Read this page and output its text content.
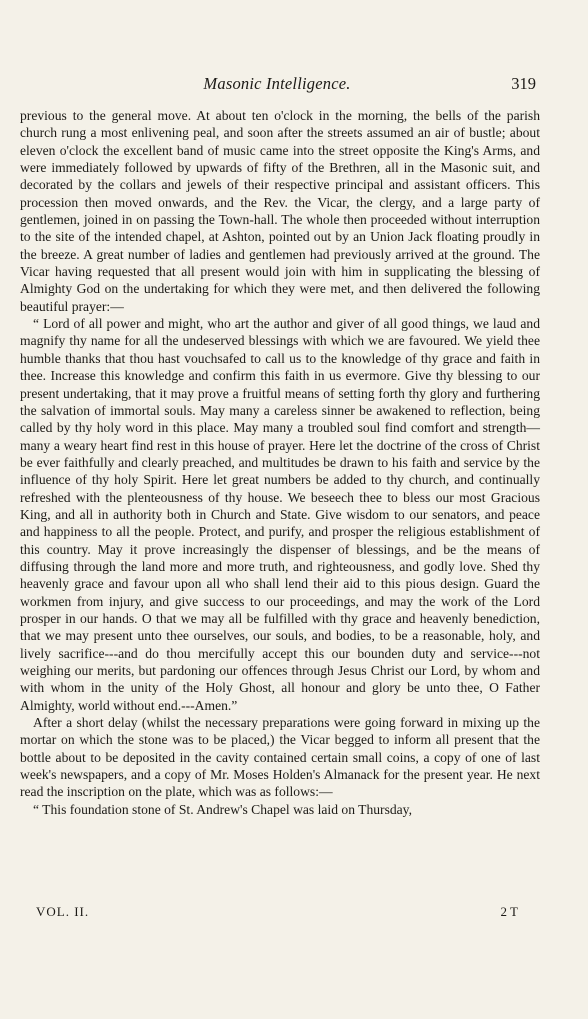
Masonic Intelligence.	319

previous to the general move. At about ten o'clock in the morning, the bells of the parish church rung a most enlivening peal, and soon after the streets assumed an air of bustle; about eleven o'clock the excellent band of music came into the street opposite the King's Arms, and were immediately followed by upwards of fifty of the Brethren, all in the Masonic suit, and decorated by the collars and jewels of their respective principal and assistant officers. This procession then moved onwards, and the Rev. the Vicar, the clergy, and a large party of gentlemen, joined in on passing the Town-hall. The whole then proceeded without interruption to the site of the intended chapel, at Ashton, pointed out by an Union Jack floating proudly in the breeze. A great number of ladies and gentlemen had previously arrived at the ground. The Vicar having requested that all present would join with him in supplicating the blessing of Almighty God on the undertaking for which they were met, and then delivered the following beautiful prayer:—

“ Lord of all power and might, who art the author and giver of all good things, we laud and magnify thy name for all the undeserved blessings with which we are favoured. We yield thee humble thanks that thou hast vouchsafed to call us to the knowledge of thy grace and faith in thee. Increase this knowledge and confirm this faith in us evermore. Give thy blessing to our present undertaking, that it may prove a fruitful means of setting forth thy glory and furthering the salvation of immortal souls. May many a careless sinner be awakened to reflection, being called by thy holy word in this place. May many a troubled soul find comfort and strength—many a weary heart find rest in this house of prayer. Here let the doctrine of the cross of Christ be ever faithfully and clearly preached, and multitudes be drawn to his faith and service by the influence of thy holy Spirit. Here let great numbers be added to thy church, and continually refreshed with the plenteousness of thy house. We beseech thee to bless our most Gracious King, and all in authority both in Church and State. Give wisdom to our senators, and peace and happiness to all the people. Protect, and purify, and prosper the religious establishment of this country. May it prove increasingly the dispenser of blessings, and be the means of diffusing through the land more and more truth, and righteousness, and godly love. Shed thy heavenly grace and favour upon all who shall lend their aid to this pious design. Guard the workmen from injury, and give success to our proceedings, and may the work of the Lord prosper in our hands. O that we may all be fulfilled with thy grace and heavenly benediction, that we may present unto thee ourselves, our souls, and bodies, to be a reasonable, holy, and lively sacrifice---and do thou mercifully accept this our bounden duty and service---not weighing our merits, but pardoning our offences through Jesus Christ our Lord, by whom and with whom in the unity of the Holy Ghost, all honour and glory be unto thee, O Father Almighty, world without end.---Amen.”

After a short delay (whilst the necessary preparations were going forward in mixing up the mortar on which the stone was to be placed,) the Vicar begged to inform all present that the bottle about to be deposited in the cavity contained certain small coins, a copy of one of last week's newspapers, and a copy of Mr. Moses Holden's Almanack for the present year. He next read the inscription on the plate, which was as follows:—

“ This foundation stone of St. Andrew's Chapel was laid on Thursday,

VOL. II.	2 T
